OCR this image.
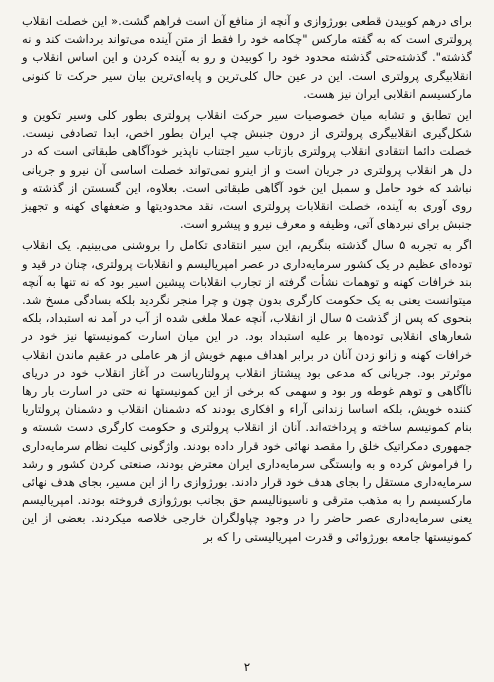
برای درهم کوبیدن قطعی بورژوازی و آنچه از منافع آن است فراهم گشت.« این خصلت انقلاب پرولتری است که به گفته مارکس "چکامه خود را فقط از متن آینده می‌تواند برداشت کند و نه گذشته". گذشته‌حتی گذشته محدود خود را کوبیدن و رو به آینده کردن و این اساس انقلاب و انقلابیگری پرولتری است. این در عین حال کلی‌ترین و پایه‌ای‌ترین بیان سیر حرکت تا کنونی مارکسیسم انقلابی ایران نیز هست.

این تطابق و تشابه میان خصوصیات سیر حرکت انقلاب پرولتری بطور کلی وسیر تکوین و شکل‌گیری انقلابیگری پرولتری از درون جنبش چپ ایران بطور اخص، ابدا تصادفی نیست. خصلت دائما انتقادی انقلاب پرولتری بازتاب سیر اجتناب ناپذیر خودآگاهی طبقاتی است که در دل هر انقلاب پرولتری در جریان است و از اینرو نمی‌تواند خصلت اساسی آن نیرو و جریانی نباشد که خود حامل و سمبل این خود آگاهی طبقاتی است. بعلاوه، این گسستن از گذشته و روی آوری به آینده، خصلت انقلابات پرولتری است، نقد محدودیتها و ضعفهای کهنه و تجهیز جنبش برای نبردهای آتی، وظیفه و معرف نیرو و پیشرو است.

اگر به تجربه ۵ سال گذشته بنگریم، این سیر انتقادی تکامل را بروشنی می‌بینیم. یک انقلاب‌ توده‌ای عظیم در یک کشور سرمایه‌داری در عصر امپریالیسم و انقلابات پرولتری، چنان در قید و بند خرافات کهنه و توهمات نشأت گرفته از تجارب انقلابات پیشین اسیر بود که نه تنها به آنچه میتوانست یعنی به یک حکومت کارگری بدون چون و چرا منجر نگردید بلکه بسادگی مسخ شد. بنحوی که پس از گذشت ۵ سال از انقلاب، آنچه عملا ملغی شده از آب در آمد نه استبداد، بلکه شعارهای انقلابی توده‌ها بر علیه استبداد بود. در این میان اسارت کمونیستها نیز خود در خرافات کهنه و زانو زدن آنان در برابر اهداف مبهم خویش از هر عاملی در عقیم ماندن انقلاب موثرتر بود. جریانی که مدعی بود پیشتاز انقلاب پرولتاریاست در آغاز انقلاب خود در دریای ناآگاهی و توهم غوطه ور بود و سهمی که برخی از این کمونیستها نه حتی در اسارت بار رها کننده خویش، بلکه اساسا زندانی آراء و افکاری بودند که دشمنان انقلاب و دشمنان پرولتاریا بنام کمونیسم ساخته و پرداخته‌اند. آنان از انقلاب پرولتری و حکومت کارگری دست شسته و جمهوری دمکراتیک خلق را مقصد نهائی خود قرار داده بودند. واژگونی کلیت نظام سرمایه‌داری را فراموش کرده و به وابستگی سرمایه‌داری ایران معترض بودند، صنعتی کردن کشور و رشد سرمایه‌داری مستقل را بجای هدف خود قرار دادند. بورژوازی را از این مسیر، بجای هدف نهائی مارکسیسم را به مذهب مترقی و ناسیونالیسم حق بجانب بورژوازی فروخته بودند. امپریالیسم یعنی سرمایه‌داری عصر حاضر را در وجود چپاولگران خارجی خلاصه میکردند. بعضی از این کمونیستها جامعه بورژوائی و قدرت امپریالیستی را که بر

۲
